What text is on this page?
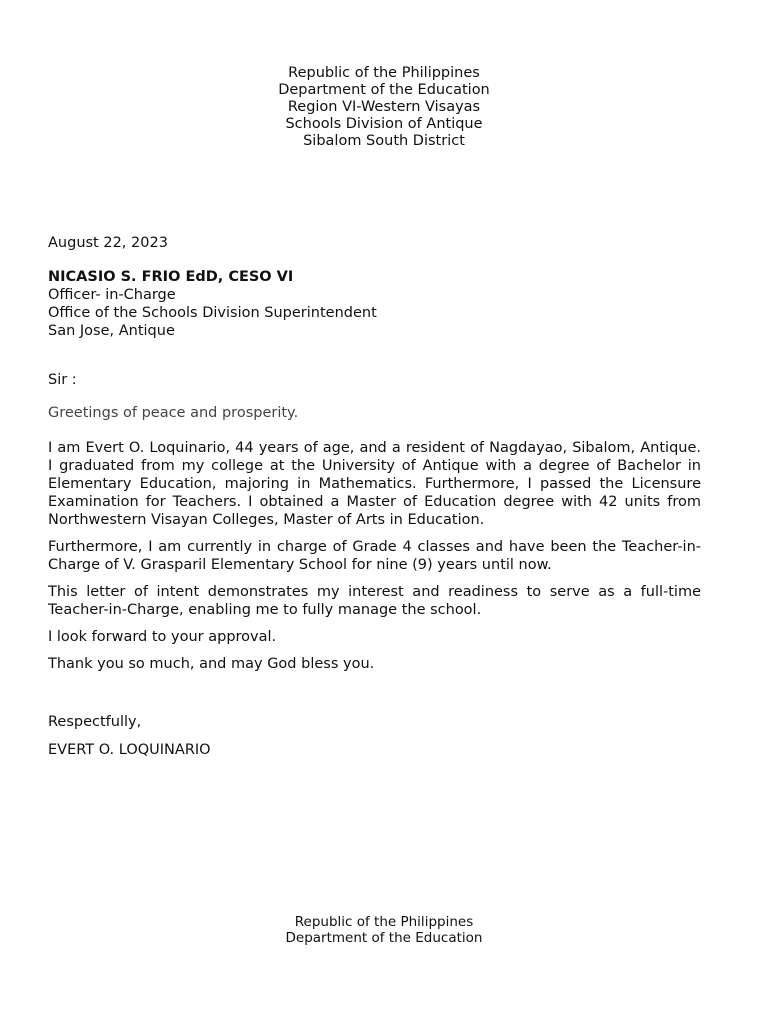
Republic of the Philippines
Department of the Education
Region VI-Western Visayas
Schools Division of Antique
Sibalom South District
August 22, 2023
NICASIO S. FRIO EdD, CESO VI
Officer- in-Charge
Office of the Schools Division Superintendent
San Jose, Antique
Sir :
Greetings of peace and prosperity.

I am Evert O. Loquinario, 44 years of age, and a resident of Nagdayao, Sibalom, Antique. I graduated from my college at the University of Antique with a degree of Bachelor in Elementary Education, majoring in Mathematics. Furthermore, I passed the Licensure Examination for Teachers. I obtained a Master of Education degree with 42 units from Northwestern Visayan Colleges, Master of Arts in Education.

Furthermore, I am currently in charge of Grade 4 classes and have been the Teacher-in-Charge of V. Grasparil Elementary School for nine (9) years until now.

This letter of intent demonstrates my interest and readiness to serve as a full-time Teacher-in-Charge, enabling me to fully manage the school.

I look forward to your approval.

Thank you so much, and may God bless you.

Respectfully,
EVERT O. LOQUINARIO
Republic of the Philippines
Department of the Education
